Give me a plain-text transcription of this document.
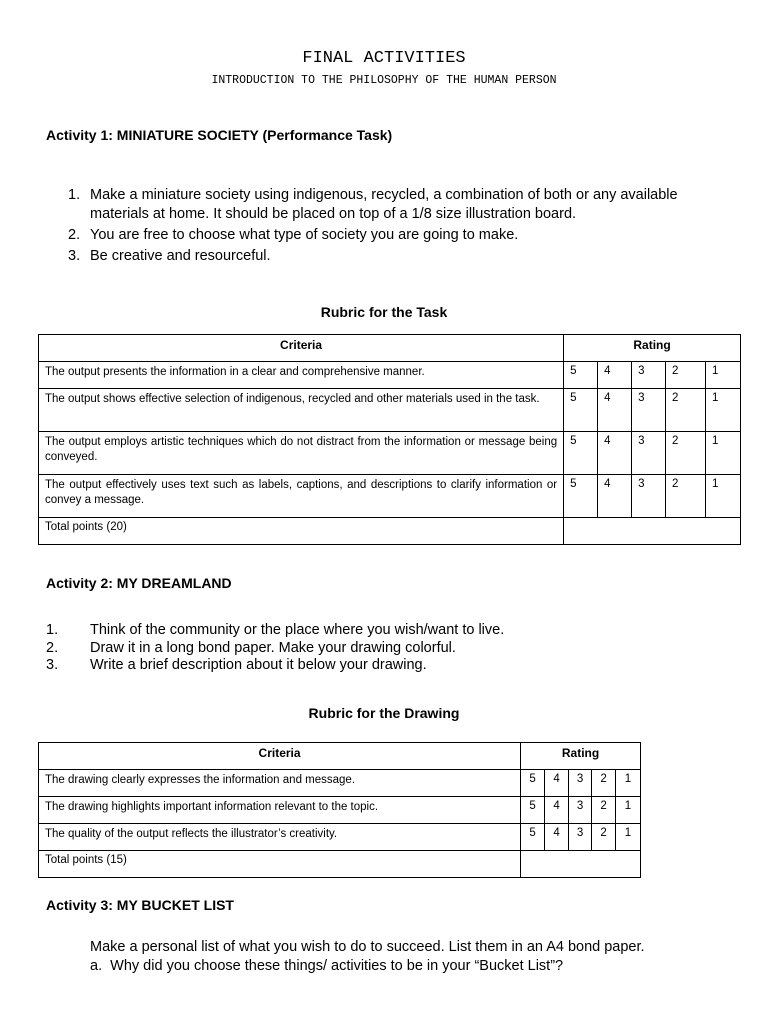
FINAL ACTIVITIES
INTRODUCTION TO THE PHILOSOPHY OF THE HUMAN PERSON
Activity 1: MINIATURE SOCIETY (Performance Task)
1. Make a miniature society using indigenous, recycled, a combination of both or any available materials at home. It should be placed on top of a 1/8 size illustration board.
2. You are free to choose what type of society you are going to make.
3. Be creative and resourceful.
Rubric for the Task
Criteria	Rating				
The output presents the information in a clear and comprehensive manner.	5	4	3	2	1
The output shows effective selection of indigenous, recycled and other materials used in the task.	5	4	3	2	1
The output employs artistic techniques which do not distract from the information or message being conveyed.	5	4	3	2	1
The output effectively uses text such as labels, captions, and descriptions to clarify information or convey a message.	5	4	3	2	1
Total points (20)					
Activity 2: MY DREAMLAND
1. Think of the community or the place where you wish/want to live.
2. Draw it in a long bond paper. Make your drawing colorful.
3. Write a brief description about it below your drawing.
Rubric for the Drawing
Criteria	Rating				
The drawing clearly expresses the information and message.	5	4	3	2	1
The drawing highlights important information relevant to the topic.	5	4	3	2	1
The quality of the output reflects the illustrator’s creativity.	5	4	3	2	1
Total points (15)					
Activity 3: MY BUCKET LIST
Make a personal list of what you wish to do to succeed. List them in an A4 bond paper.
a. Why did you choose these things/ activities to be in your “Bucket List”?
